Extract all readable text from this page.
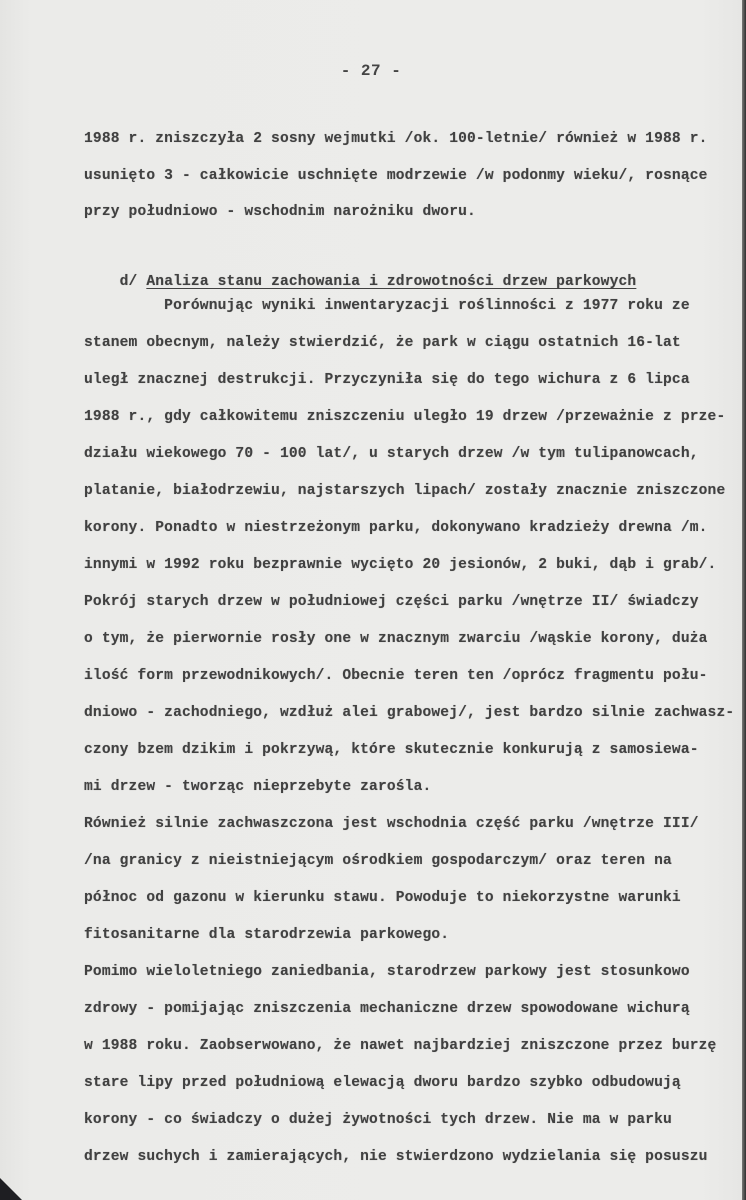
- 27 -
1988 r. zniszczyła 2 sosny wejmutki /ok. 100-letnie/ również w 1988 r.
usunięto 3 - całkowicie uschnięte modrzewie /w podonmy wieku/, rosnące
przy południowo - wschodnim narożniku dworu.

d/ Analiza stanu zachowania i zdrowotności drzew parkowych

Porównując wyniki inwentaryzacji roślinności z 1977 roku ze
stanem obecnym, należy stwierdzić, że park w ciągu ostatnich 16-lat
uległ znacznej destrukcji. Przyczyniła się do tego wichura z 6 lipca
1988 r., gdy całkowitemu zniszczeniu uległo 19 drzew /przeważnie z prze-
działu wiekowego 70 - 100 lat/, u starych drzew /w tym tulipanowcach,
platanie, białodrzewiu, najstarszych lipach/ zostały znacznie zniszczone
korony. Ponadto w niestrzeżonym parku, dokonywano kradzieży drewna /m.
innymi w 1992 roku bezprawnie wycięto 20 jesionów, 2 buki, dąb i grab/.
Pokrój starych drzew w południowej części parku /wnętrze II/ świadczy
o tym, że pierwornie rosły one w znacznym zwarciu /wąskie korony, duża
ilość form przewodnikowych/. Obecnie teren ten /oprócz fragmentu połu-
dniowo - zachodniego, wzdłuż alei grabowej/, jest bardzo silnie zachwasz-
czony bzem dzikim i pokrzywą, które skutecznie konkurują z samosiewa-
mi drzew - tworząc nieprzebyte zarośla.
Również silnie zachwaszczona jest wschodnia część parku /wnętrze III/
/na granicy z nieistniejącym ośrodkiem gospodarczym/ oraz teren na
północ od gazonu w kierunku stawu. Powoduje to niekorzystne warunki
fitosanitarne dla starodrzewia parkowego.
Pomimo wieloletniego zaniedbania, starodrzew parkowy jest stosunkowo
zdrowy - pomijając zniszczenia mechaniczne drzew spowodowane wichurą
w 1988 roku. Zaobserwowano, że nawet najbardziej zniszczone przez burzę
stare lipy przed południową elewacją dworu bardzo szybko odbudowują
korony - co świadczy o dużej żywotności tych drzew. Nie ma w parku
drzew suchych i zamierających, nie stwierdzono wydzielania się posuszu
